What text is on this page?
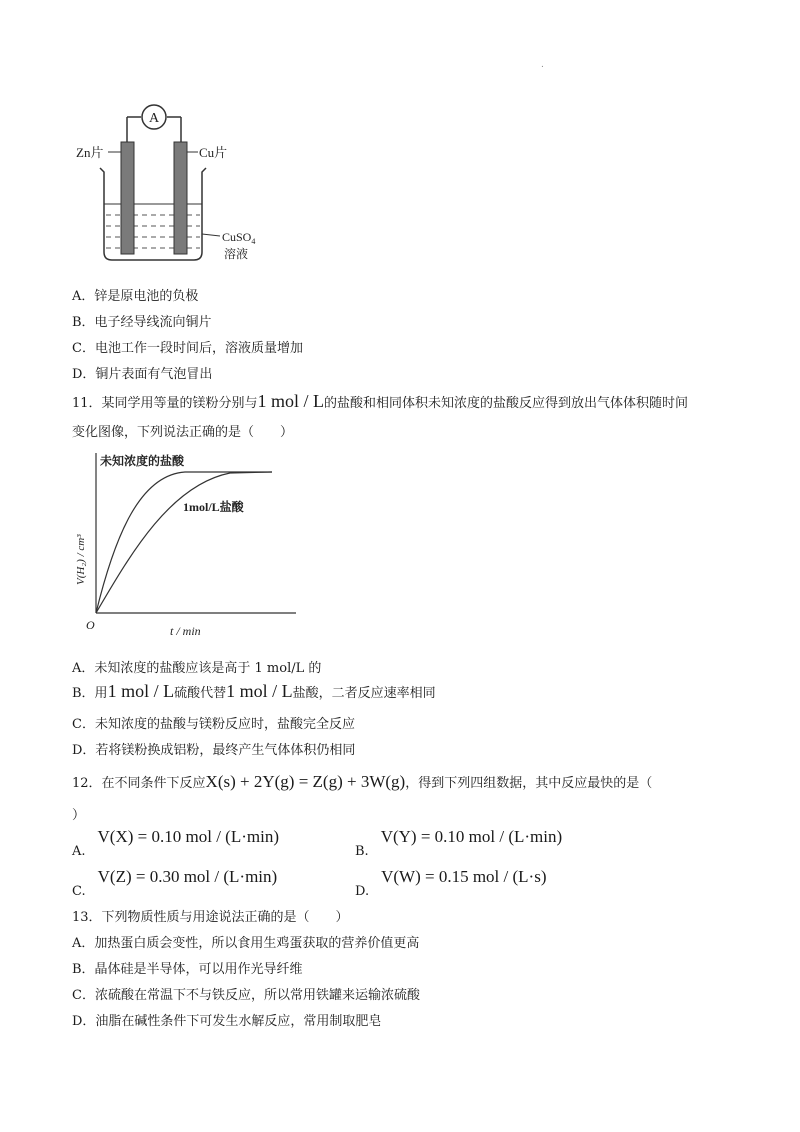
.
A
Zn片	Cu片
CuSO$_4$
溶液
A．锌是原电池的负极
B．电子经导线流向铜片
C．电池工作一段时间后，溶液质量增加
D．铜片表面有气泡冒出
11．某同学用等量的镁粉分别与1 mol / L的盐酸和相同体积未知浓度的盐酸反应得到放出气体体积随时间
变化图像，下列说法正确的是（　　）
未知浓度的盐酸
1mol/L盐酸
V(H₂) / cm³
t / min
O
A．未知浓度的盐酸应该是高于 1 mol/L 的
B．用1 mol / L硫酸代替1 mol / L盐酸，二者反应速率相同
C．未知浓度的盐酸与镁粉反应时，盐酸完全反应
D．若将镁粉换成铝粉，最终产生气体体积仍相同
12．在不同条件下反应X(s) + 2Y(g) = Z(g) + 3W(g)，得到下列四组数据，其中反应最快的是（
）
A.V(X) = 0.10 mol / (L·min)
B.V(Y) = 0.10 mol / (L·min)
C.V(Z) = 0.30 mol / (L·min)
D.V(W) = 0.15 mol / (L·s)
13．下列物质性质与用途说法正确的是（　　）
A．加热蛋白质会变性，所以食用生鸡蛋获取的营养价值更高
B．晶体硅是半导体，可以用作光导纤维
C．浓硫酸在常温下不与铁反应，所以常用铁罐来运输浓硫酸
D．油脂在碱性条件下可发生水解反应，常用制取肥皂
